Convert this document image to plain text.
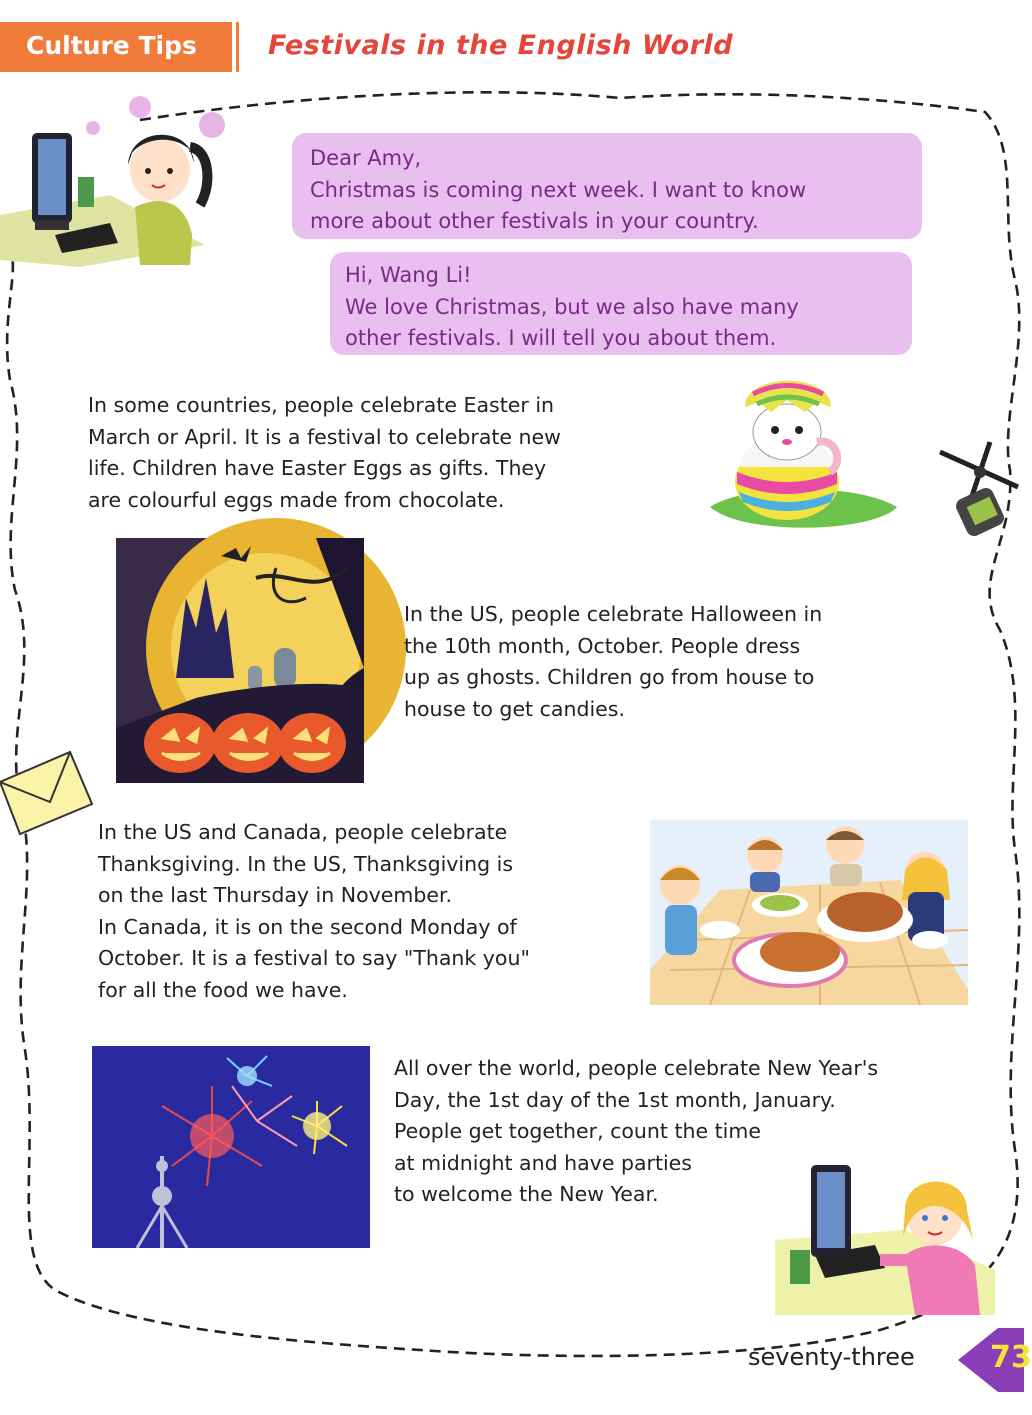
Culture Tips	Festivals in the English World
Dear Amy,
Christmas is coming next week. I want to know
more about other festivals in your country.
Hi, Wang Li!
We love Christmas, but we also have many
other festivals. I will tell you about them.
In some countries, people celebrate Easter in
March or April. It is a festival to celebrate new
life. Children have Easter Eggs as gifts. They
are colourful eggs made from chocolate.
In the US, people celebrate Halloween in
the 10th month, October. People dress
up as ghosts. Children go from house to
house to get candies.
In the US and Canada, people celebrate
Thanksgiving. In the US, Thanksgiving is
on the last Thursday in November.
In Canada, it is on the second Monday of
October. It is a festival to say "Thank you"
for all the food we have.
All over the world, people celebrate New Year's
Day, the 1st day of the 1st month, January.
People get together, count the time
at midnight and have parties
to welcome the New Year.
seventy-three	73
